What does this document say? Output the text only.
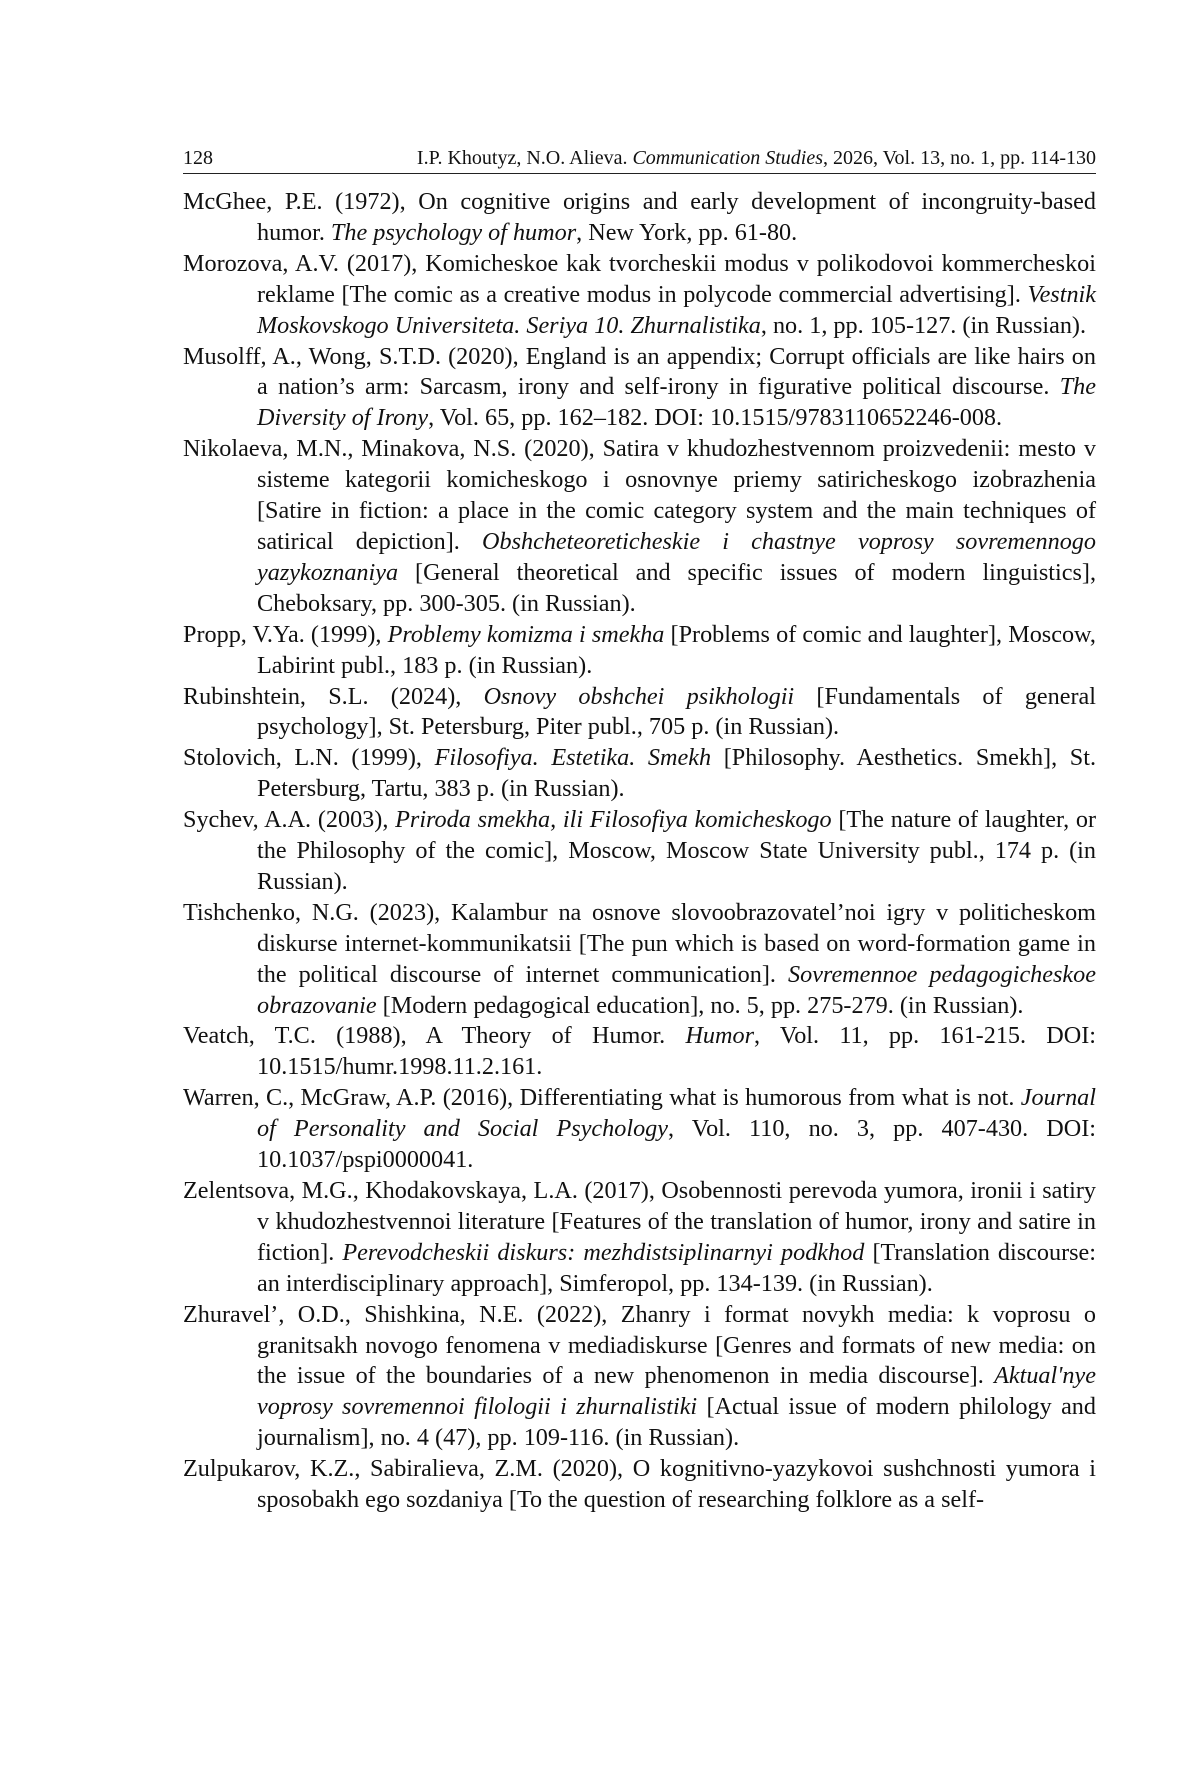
128	I.P. Khoutyz, N.O. Alieva. Communication Studies, 2026, Vol. 13, no. 1, pp. 114-130

McGhee, P.E. (1972), On cognitive origins and early development of incongruity-based humor. The psychology of humor, New York, pp. 61-80.

Morozova, A.V. (2017), Komicheskoe kak tvorcheskii modus v polikodovoi kommercheskoi reklame [The comic as a creative modus in polycode commercial advertising]. Vestnik Moskovskogo Universiteta. Seriya 10. Zhurnalistika, no. 1, pp. 105-127. (in Russian).

Musolff, A., Wong, S.T.D. (2020), England is an appendix; Corrupt officials are like hairs on a nation’s arm: Sarcasm, irony and self-irony in figurative political discourse. The Diversity of Irony, Vol. 65, pp. 162–182. DOI: 10.1515/9783110652246-008.

Nikolaeva, M.N., Minakova, N.S. (2020), Satira v khudozhestvennom proizvedenii: mesto v sisteme kategorii komicheskogo i osnovnye priemy satiricheskogo izobrazhenia [Satire in fiction: a place in the comic category system and the main techniques of satirical depiction]. Obshcheteoreticheskie i chastnye voprosy sovremennogo yazykoznaniya [General theoretical and specific issues of modern linguistics], Cheboksary, pp. 300-305. (in Russian).

Propp, V.Ya. (1999), Problemy komizma i smekha [Problems of comic and laughter], Moscow, Labirint publ., 183 p. (in Russian).

Rubinshtein, S.L. (2024), Osnovy obshchei psikhologii [Fundamentals of general psychology], St. Petersburg, Piter publ., 705 p. (in Russian).

Stolovich, L.N. (1999), Filosofiya. Estetika. Smekh [Philosophy. Aesthetics. Smekh], St. Petersburg, Tartu, 383 p. (in Russian).

Sychev, A.A. (2003), Priroda smekha, ili Filosofiya komicheskogo [The nature of laughter, or the Philosophy of the comic], Moscow, Moscow State University publ., 174 p. (in Russian).

Tishchenko, N.G. (2023), Kalambur na osnove slovoobrazovatel’noi igry v politicheskom diskurse internet-kommunikatsii [The pun which is based on word-formation game in the political discourse of internet communication]. Sovremennoe pedagogicheskoe obrazovanie [Modern pedagogical education], no. 5, pp. 275-279. (in Russian).

Veatch, T.C. (1988), A Theory of Humor. Humor, Vol. 11, pp. 161-215. DOI: 10.1515/humr.1998.11.2.161.

Warren, C., McGraw, A.P. (2016), Differentiating what is humorous from what is not. Journal of Personality and Social Psychology, Vol. 110, no. 3, pp. 407-430. DOI: 10.1037/pspi0000041.

Zelentsova, M.G., Khodakovskaya, L.A. (2017), Osobennosti perevoda yumora, ironii i satiry v khudozhestvennoi literature [Features of the translation of humor, irony and satire in fiction]. Perevodcheskii diskurs: mezhdistsiplinarnyi podkhod [Translation discourse: an interdisciplinary approach], Simferopol, pp. 134-139. (in Russian).

Zhuravel’, O.D., Shishkina, N.E. (2022), Zhanry i format novykh media: k voprosu o granitsakh novogo fenomena v mediadiskurse [Genres and formats of new media: on the issue of the boundaries of a new phenomenon in media discourse]. Aktual'nye voprosy sovremennoi filologii i zhurnalistiki [Actual issue of modern philology and journalism], no. 4 (47), pp. 109-116. (in Russian).

Zulpukarov, K.Z., Sabiralieva, Z.M. (2020), O kognitivno-yazykovoi sushchnosti yumora i sposobakh ego sozdaniya [To the question of researching folklore as a self-
